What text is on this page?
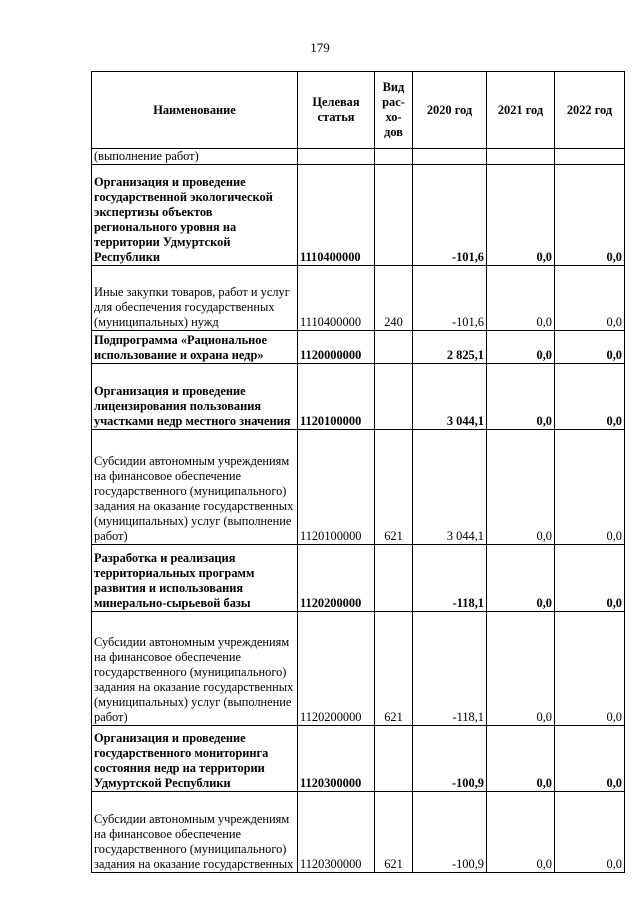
179
Наименование	Целевая статья	Вид рас-хо-дов	2020 год	2021 год	2022 год
(выполнение работ)					
Организация и проведение государственной экологической экспертизы объектов регионального уровня на территории Удмуртской Республики	1110400000		-101,6	0,0	0,0
Иные закупки товаров, работ и услуг для обеспечения государственных (муниципальных) нужд	1110400000	240	-101,6	0,0	0,0
Подпрограмма «Рациональное использование и охрана недр»	1120000000		2 825,1	0,0	0,0
Организация и проведение лицензирования пользования участками недр местного значения	1120100000		3 044,1	0,0	0,0
Субсидии автономным учреждениям на финансовое обеспечение государственного (муниципального) задания на оказание государственных (муниципальных) услуг (выполнение работ)	1120100000	621	3 044,1	0,0	0,0
Разработка и реализация территориальных программ развития и использования минерально-сырьевой базы	1120200000		-118,1	0,0	0,0
Субсидии автономным учреждениям на финансовое обеспечение государственного (муниципального) задания на оказание государственных (муниципальных) услуг (выполнение работ)	1120200000	621	-118,1	0,0	0,0
Организация и проведение государственного мониторинга состояния недр на территории Удмуртской Республики	1120300000		-100,9	0,0	0,0
Субсидии автономным учреждениям на финансовое обеспечение государственного (муниципального) задания на оказание государственных	1120300000	621	-100,9	0,0	0,0
